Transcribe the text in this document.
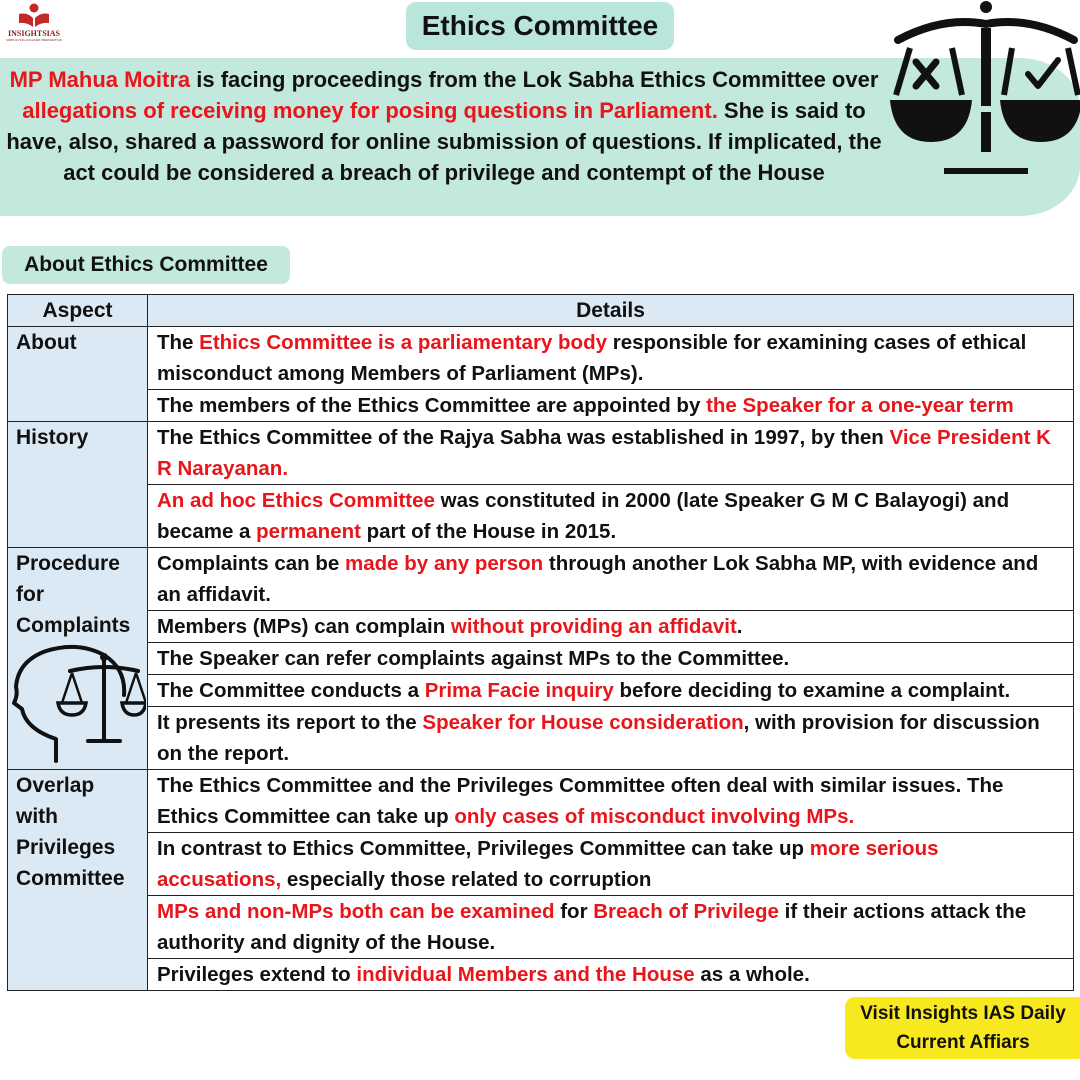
INSIGHTSIAS
SIMPLIFYING IAS EXAM PREPARATION	Ethics Committee

MP Mahua Moitra is facing proceedings from the Lok Sabha Ethics Committee over allegations of receiving money for posing questions in Parliament. She is said to have, also, shared a password for online submission of questions. If implicated, the act could be considered a breach of privilege and contempt of the House

About Ethics Committee
Aspect	Details

About	The Ethics Committee is a parliamentary body responsible for examining cases of ethical misconduct among Members of Parliament (MPs).
	The members of the Ethics Committee are appointed by the Speaker for a one-year term

History	The Ethics Committee of the Rajya Sabha was established in 1997, by then Vice President K R Narayanan.
	An ad hoc Ethics Committee was constituted in 2000 (late Speaker G M C Balayogi) and became a permanent part of the House in 2015.

Procedure for Complaints	Complaints can be made by any person through another Lok Sabha MP, with evidence and an affidavit.
	Members (MPs) can complain without providing an affidavit.
	The Speaker can refer complaints against MPs to the Committee.
	The Committee conducts a Prima Facie inquiry before deciding to examine a complaint.
	It presents its report to the Speaker for House consideration, with provision for discussion on the report.

Overlap with Privileges Committee	The Ethics Committee and the Privileges Committee often deal with similar issues. The Ethics Committee can take up only cases of misconduct involving MPs.
	In contrast to Ethics Committee, Privileges Committee can take up more serious accusations, especially those related to corruption
	MPs and non-MPs both can be examined for Breach of Privilege if their actions attack the authority and dignity of the House.
	Privileges extend to individual Members and the House as a whole.
Visit Insights IAS Daily
Current Affiars
